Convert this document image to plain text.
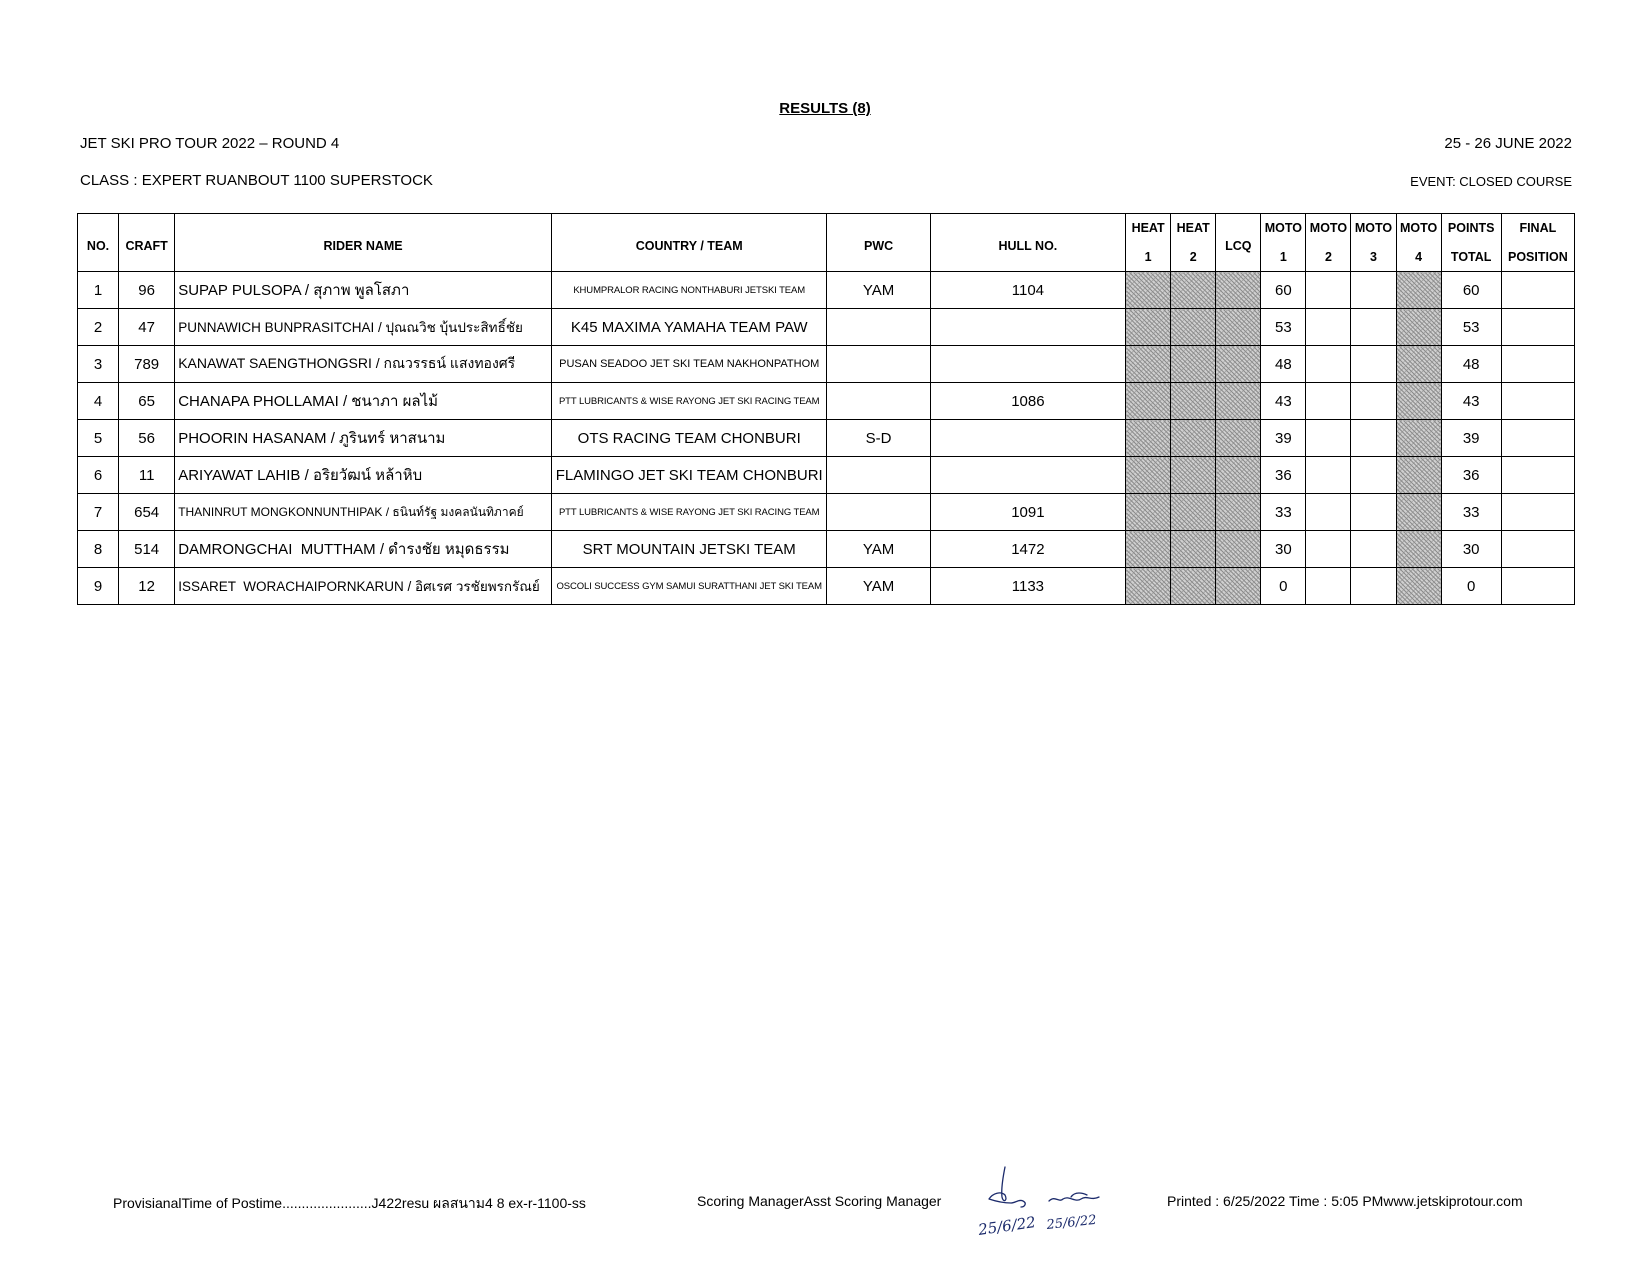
RESULTS (8)
JET SKI PRO TOUR 2022 – ROUND 4	25 - 26 JUNE 2022
CLASS : EXPERT RUANBOUT 1100 SUPERSTOCK	EVENT: CLOSED COURSE
NO.	CRAFT	RIDER NAME	COUNTRY / TEAM	PWC	HULL NO.	HEAT	HEAT	LCQ	MOTO	MOTO	MOTO	MOTO	POINTS	FINAL
						1	2		1	2	3	4	TOTAL	POSITION
1	96	SUPAP PULSOPA / สุภาพ พูลโสภา	KHUMPRALOR RACING NONTHABURI JETSKI TEAM	YAM	1104				60				60	
2	47	PUNNAWICH BUNPRASITCHAI / ปุณณวิช บุ้นประสิทธิ์ชัย	K45 MAXIMA YAMAHA TEAM PAW						53				53	
3	789	KANAWAT SAENGTHONGSRI / กณวรรธน์ แสงทองศรี	PUSAN SEADOO JET SKI TEAM NAKHONPATHOM						48				48	
4	65	CHANAPA PHOLLAMAI / ชนาภา ผลไม้	PTT LUBRICANTS & WISE RAYONG JET SKI RACING TEAM		1086				43				43	
5	56	PHOORIN HASANAM / ภูรินทร์ หาสนาม	OTS RACING TEAM CHONBURI	S-D					39				39	
6	11	ARIYAWAT LAHIB / อริยวัฒน์ หล้าหิบ	FLAMINGO JET SKI TEAM CHONBURI						36				36	
7	654	THANINRUT MONGKONNUNTHIPAK / ธนินท์รัฐ มงคลนันทิภาคย์	PTT LUBRICANTS & WISE RAYONG JET SKI RACING TEAM		1091				33				33	
8	514	DAMRONGCHAI  MUTTHAM / ดำรงชัย หมุดธรรม	SRT MOUNTAIN JETSKI TEAM	YAM	1472				30				30	
9	12	ISSARET  WORACHAIPORNKARUN / อิศเรศ วรชัยพรกรัณย์	OSCOLI SUCCESS GYM SAMUI SURATTHANI JET SKI TEAM	YAM	1133				0				0	
ProvisianalTime of Postime.......................J422resu ผลสนาม4 8 ex-r-1100-ss	Scoring ManagerAsst Scoring Manager	Printed : 6/25/2022 Time : 5:05 PMwww.jetskiprotour.com
25/6/22 25/6/22
